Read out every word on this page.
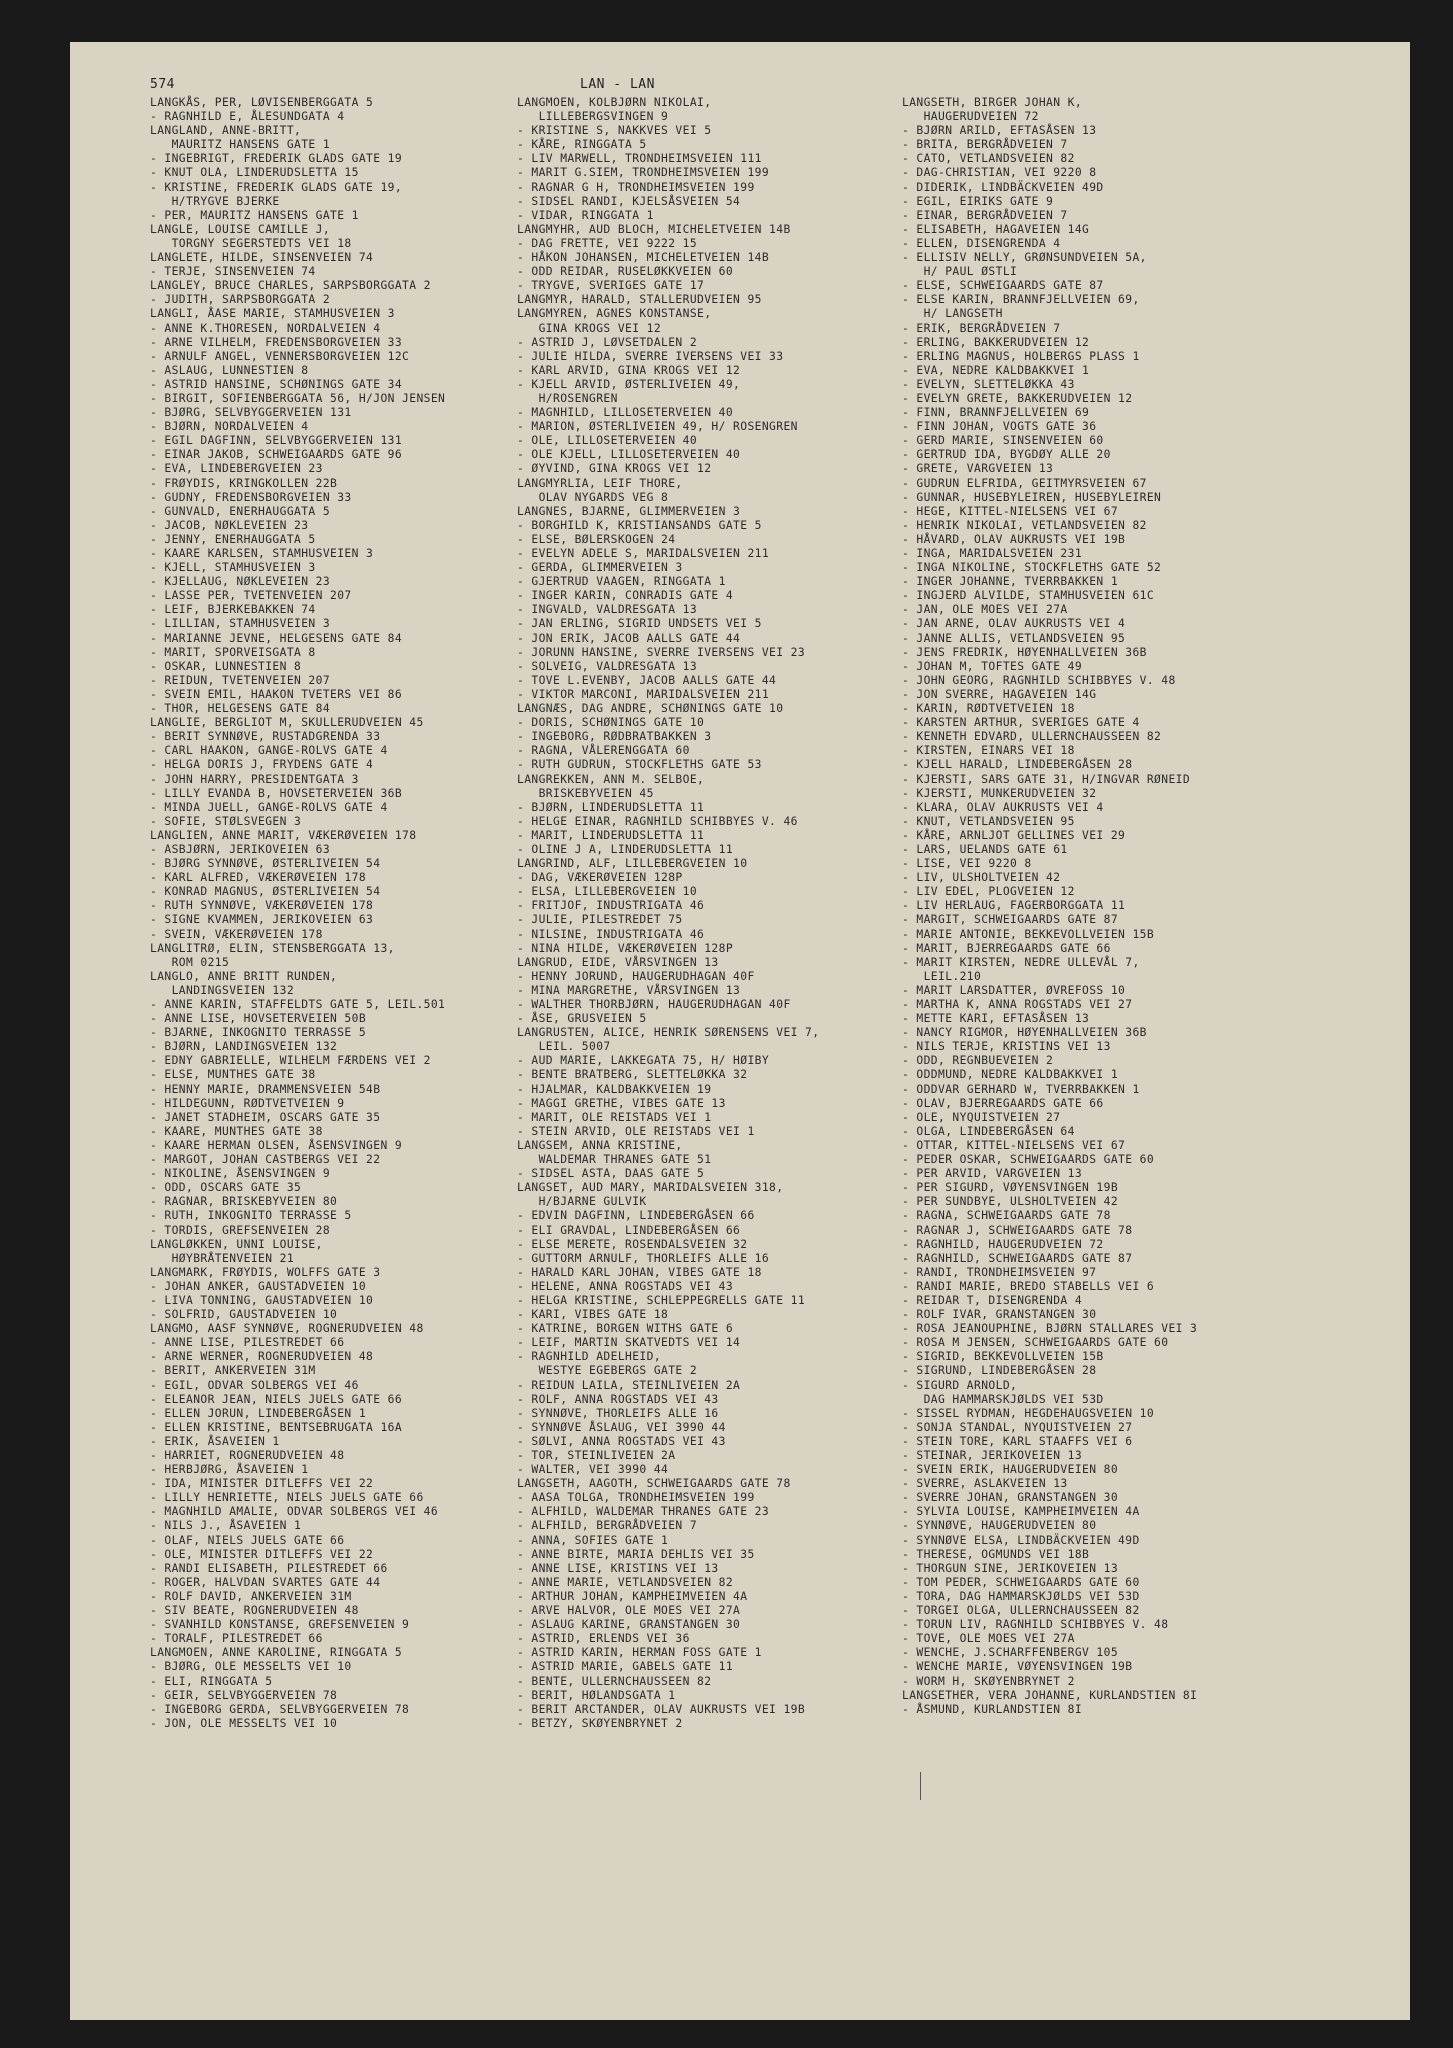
574	LAN - LAN
LANGKÅS, PER, LØVISENBERGGATA 5
- RAGNHILD E, ÅLESUNDGATA 4
LANGLAND, ANNE-BRITT,
MAURITZ HANSENS GATE 1
- INGEBRIGT, FREDERIK GLADS GATE 19
- KNUT OLA, LINDERUDSLETTA 15
- KRISTINE, FREDERIK GLADS GATE 19,
H/TRYGVE BJERKE
- PER, MAURITZ HANSENS GATE 1
LANGLE, LOUISE CAMILLE J,
TORGNY SEGERSTEDTS VEI 18
LANGLETE, HILDE, SINSENVEIEN 74
- TERJE, SINSENVEIEN 74
LANGLEY, BRUCE CHARLES, SARPSBORGGATA 2
- JUDITH, SARPSBORGGATA 2
LANGLI, ÅASE MARIE, STAMHUSVEIEN 3
- ANNE K.THORESEN, NORDALVEIEN 4
- ARNE VILHELM, FREDENSBORGVEIEN 33
- ARNULF ANGEL, VENNERSBORGVEIEN 12C
- ASLAUG, LUNNESTIEN 8
- ASTRID HANSINE, SCHØNINGS GATE 34
- BIRGIT, SOFIENBERGGATA 56, H/JON JENSEN
- BJØRG, SELVBYGGERVEIEN 131
- BJØRN, NORDALVEIEN 4
- EGIL DAGFINN, SELVBYGGERVEIEN 131
- EINAR JAKOB, SCHWEIGAARDS GATE 96
- EVA, LINDEBERGVEIEN 23
- FRØYDIS, KRINGKOLLEN 22B
- GUDNY, FREDENSBORGVEIEN 33
- GUNVALD, ENERHAUGGATA 5
- JACOB, NØKLEVEIEN 23
- JENNY, ENERHAUGGATA 5
- KAARE KARLSEN, STAMHUSVEIEN 3
- KJELL, STAMHUSVEIEN 3
- KJELLAUG, NØKLEVEIEN 23
- LASSE PER, TVETENVEIEN 207
- LEIF, BJERKEBAKKEN 74
- LILLIAN, STAMHUSVEIEN 3
- MARIANNE JEVNE, HELGESENS GATE 84
- MARIT, SPORVEISGATA 8
- OSKAR, LUNNESTIEN 8
- REIDUN, TVETENVEIEN 207
- SVEIN EMIL, HAAKON TVETERS VEI 86
- THOR, HELGESENS GATE 84
LANGLIE, BERGLIOT M, SKULLERUDVEIEN 45
- BERIT SYNNØVE, RUSTADGRENDA 33
- CARL HAAKON, GANGE-ROLVS GATE 4
- HELGA DORIS J, FRYDENS GATE 4
- JOHN HARRY, PRESIDENTGATA 3
- LILLY EVANDA B, HOVSETERVEIEN 36B
- MINDA JUELL, GANGE-ROLVS GATE 4
- SOFIE, STØLSVEGEN 3
LANGLIEN, ANNE MARIT, VÆKERØVEIEN 178
- ASBJØRN, JERIKOVEIEN 63
- BJØRG SYNNØVE, ØSTERLIVEIEN 54
- KARL ALFRED, VÆKERØVEIEN 178
- KONRAD MAGNUS, ØSTERLIVEIEN 54
- RUTH SYNNØVE, VÆKERØVEIEN 178
- SIGNE KVAMMEN, JERIKOVEIEN 63
- SVEIN, VÆKERØVEIEN 178
LANGLITRØ, ELIN, STENSBERGGATA 13,
ROM 0215
LANGLO, ANNE BRITT RUNDEN,
LANDINGSVEIEN 132
- ANNE KARIN, STAFFELDTS GATE 5, LEIL.501
- ANNE LISE, HOVSETERVEIEN 50B
- BJARNE, INKOGNITO TERRASSE 5
- BJØRN, LANDINGSVEIEN 132
- EDNY GABRIELLE, WILHELM FÆRDENS VEI 2
- ELSE, MUNTHES GATE 38
- HENNY MARIE, DRAMMENSVEIEN 54B
- HILDEGUNN, RØDTVETVEIEN 9
- JANET STADHEIM, OSCARS GATE 35
- KAARE, MUNTHES GATE 38
- KAARE HERMAN OLSEN, ÅSENSVINGEN 9
- MARGOT, JOHAN CASTBERGS VEI 22
- NIKOLINE, ÅSENSVINGEN 9
- ODD, OSCARS GATE 35
- RAGNAR, BRISKEBYVEIEN 80
- RUTH, INKOGNITO TERRASSE 5
- TORDIS, GREFSENVEIEN 28
LANGLØKKEN, UNNI LOUISE,
HØYBRÅTENVEIEN 21
LANGMARK, FRØYDIS, WOLFFS GATE 3
- JOHAN ANKER, GAUSTADVEIEN 10
- LIVA TONNING, GAUSTADVEIEN 10
- SOLFRID, GAUSTADVEIEN 10
LANGMO, AASF SYNNØVE, ROGNERUDVEIEN 48
- ANNE LISE, PILESTREDET 66
- ARNE WERNER, ROGNERUDVEIEN 48
- BERIT, ANKERVEIEN 31M
- EGIL, ODVAR SOLBERGS VEI 46
- ELEANOR JEAN, NIELS JUELS GATE 66
- ELLEN JORUN, LINDEBERGÅSEN 1
- ELLEN KRISTINE, BENTSEBRUGATA 16A
- ERIK, ÅSAVEIEN 1
- HARRIET, ROGNERUDVEIEN 48
- HERBJØRG, ÅSAVEIEN 1
- IDA, MINISTER DITLEFFS VEI 22
- LILLY HENRIETTE, NIELS JUELS GATE 66
- MAGNHILD AMALIE, ODVAR SOLBERGS VEI 46
- NILS J., ÅSAVEIEN 1
- OLAF, NIELS JUELS GATE 66
- OLE, MINISTER DITLEFFS VEI 22
- RANDI ELISABETH, PILESTREDET 66
- ROGER, HALVDAN SVARTES GATE 44
- ROLF DAVID, ANKERVEIEN 31M
- SIV BEATE, ROGNERUDVEIEN 48
- SVANHILD KONSTANSE, GREFSENVEIEN 9
- TORALF, PILESTREDET 66
LANGMOEN, ANNE KAROLINE, RINGGATA 5
- BJØRG, OLE MESSELTS VEI 10
- ELI, RINGGATA 5
- GEIR, SELVBYGGERVEIEN 78
- INGEBORG GERDA, SELVBYGGERVEIEN 78
- JON, OLE MESSELTS VEI 10
LANGMOEN, KOLBJØRN NIKOLAI,
LILLEBERGSVINGEN 9
- KRISTINE S, NAKKVES VEI 5
- KÅRE, RINGGATA 5
- LIV MARWELL, TRONDHEIMSVEIEN 111
- MARIT G.SIEM, TRONDHEIMSVEIEN 199
- RAGNAR G H, TRONDHEIMSVEIEN 199
- SIDSEL RANDI, KJELSÅSVEIEN 54
- VIDAR, RINGGATA 1
LANGMYHR, AUD BLOCH, MICHELETVEIEN 14B
- DAG FRETTE, VEI 9222 15
- HÅKON JOHANSEN, MICHELETVEIEN 14B
- ODD REIDAR, RUSELØKKVEIEN 60
- TRYGVE, SVERIGES GATE 17
LANGMYR, HARALD, STALLERUDVEIEN 95
LANGMYREN, AGNES KONSTANSE,
GINA KROGS VEI 12
- ASTRID J, LØVSETDALEN 2
- JULIE HILDA, SVERRE IVERSENS VEI 33
- KARL ARVID, GINA KROGS VEI 12
- KJELL ARVID, ØSTERLIVEIEN 49,
H/ROSENGREN
- MAGNHILD, LILLOSETERVEIEN 40
- MARION, ØSTERLIVEIEN 49, H/ ROSENGREN
- OLE, LILLOSETERVEIEN 40
- OLE KJELL, LILLOSETERVEIEN 40
- ØYVIND, GINA KROGS VEI 12
LANGMYRLIA, LEIF THORE,
OLAV NYGARDS VEG 8
LANGNES, BJARNE, GLIMMERVEIEN 3
- BORGHILD K, KRISTIANSANDS GATE 5
- ELSE, BØLERSKOGEN 24
- EVELYN ADELE S, MARIDALSVEIEN 211
- GERDA, GLIMMERVEIEN 3
- GJERTRUD VAAGEN, RINGGATA 1
- INGER KARIN, CONRADIS GATE 4
- INGVALD, VALDRESGATA 13
- JAN ERLING, SIGRID UNDSETS VEI 5
- JON ERIK, JACOB AALLS GATE 44
- JORUNN HANSINE, SVERRE IVERSENS VEI 23
- SOLVEIG, VALDRESGATA 13
- TOVE L.EVENBY, JACOB AALLS GATE 44
- VIKTOR MARCONI, MARIDALSVEIEN 211
LANGNÆS, DAG ANDRE, SCHØNINGS GATE 10
- DORIS, SCHØNINGS GATE 10
- INGEBORG, RØDBRATBAKKEN 3
- RAGNA, VÅLERENGGATA 60
- RUTH GUDRUN, STOCKFLETHS GATE 53
LANGREKKEN, ANN M. SELBOE,
BRISKEBYVEIEN 45
- BJØRN, LINDERUDSLETTA 11
- HELGE EINAR, RAGNHILD SCHIBBYES V. 46
- MARIT, LINDERUDSLETTA 11
- OLINE J A, LINDERUDSLETTA 11
LANGRIND, ALF, LILLEBERGVEIEN 10
- DAG, VÆKERØVEIEN 128P
- ELSA, LILLEBERGVEIEN 10
- FRITJOF, INDUSTRIGATA 46
- JULIE, PILESTREDET 75
- NILSINE, INDUSTRIGATA 46
- NINA HILDE, VÆKERØVEIEN 128P
LANGRUD, EIDE, VÅRSVINGEN 13
- HENNY JORUND, HAUGERUDHAGAN 40F
- MINA MARGRETHE, VÅRSVINGEN 13
- WALTHER THORBJØRN, HAUGERUDHAGAN 40F
- ÅSE, GRUSVEIEN 5
LANGRUSTEN, ALICE, HENRIK SØRENSENS VEI 7,
LEIL. 5007
- AUD MARIE, LAKKEGATA 75, H/ HØIBY
- BENTE BRATBERG, SLETTELØKKA 32
- HJALMAR, KALDBAKKVEIEN 19
- MAGGI GRETHE, VIBES GATE 13
- MARIT, OLE REISTADS VEI 1
- STEIN ARVID, OLE REISTADS VEI 1
LANGSEM, ANNA KRISTINE,
WALDEMAR THRANES GATE 51
- SIDSEL ASTA, DAAS GATE 5
LANGSET, AUD MARY, MARIDALSVEIEN 318,
H/BJARNE GULVIK
- EDVIN DAGFINN, LINDEBERGÅSEN 66
- ELI GRAVDAL, LINDEBERGÅSEN 66
- ELSE MERETE, ROSENDALSVEIEN 32
- GUTTORM ARNULF, THORLEIFS ALLE 16
- HARALD KARL JOHAN, VIBES GATE 18
- HELENE, ANNA ROGSTADS VEI 43
- HELGA KRISTINE, SCHLEPPEGRELLS GATE 11
- KARI, VIBES GATE 18
- KATRINE, BORGEN WITHS GATE 6
- LEIF, MARTIN SKATVEDTS VEI 14
- RAGNHILD ADELHEID,
WESTYE EGEBERGS GATE 2
- REIDUN LAILA, STEINLIVEIEN 2A
- ROLF, ANNA ROGSTADS VEI 43
- SYNNØVE, THORLEIFS ALLE 16
- SYNNØVE ÅSLAUG, VEI 3990 44
- SØLVI, ANNA ROGSTADS VEI 43
- TOR, STEINLIVEIEN 2A
- WALTER, VEI 3990 44
LANGSETH, AAGOTH, SCHWEIGAARDS GATE 78
- AASA TOLGA, TRONDHEIMSVEIEN 199
- ALFHILD, WALDEMAR THRANES GATE 23
- ALFHILD, BERGRÅDVEIEN 7
- ANNA, SOFIES GATE 1
- ANNE BIRTE, MARIA DEHLIS VEI 35
- ANNE LISE, KRISTINS VEI 13
- ANNE MARIE, VETLANDSVEIEN 82
- ARTHUR JOHAN, KAMPHEIMVEIEN 4A
- ARVE HALVOR, OLE MOES VEI 27A
- ASLAUG KARINE, GRANSTANGEN 30
- ASTRID, ERLENDS VEI 36
- ASTRID KARIN, HERMAN FOSS GATE 1
- ASTRID MARIE, GABELS GATE 11
- BENTE, ULLERNCHAUSSEEN 82
- BERIT, HØLANDSGATA 1
- BERIT ARCTANDER, OLAV AUKRUSTS VEI 19B
- BETZY, SKØYENBRYNET 2
LANGSETH, BIRGER JOHAN K,
HAUGERUDVEIEN 72
- BJØRN ARILD, EFTASÅSEN 13
- BRITA, BERGRÅDVEIEN 7
- CATO, VETLANDSVEIEN 82
- DAG-CHRISTIAN, VEI 9220 8
- DIDERIK, LINDBÄCKVEIEN 49D
- EGIL, EIRIKS GATE 9
- EINAR, BERGRÅDVEIEN 7
- ELISABETH, HAGAVEIEN 14G
- ELLEN, DISENGRENDA 4
- ELLISIV NELLY, GRØNSUNDVEIEN 5A,
H/ PAUL ØSTLI
- ELSE, SCHWEIGAARDS GATE 87
- ELSE KARIN, BRANNFJELLVEIEN 69,
H/ LANGSETH
- ERIK, BERGRÅDVEIEN 7
- ERLING, BAKKERUDVEIEN 12
- ERLING MAGNUS, HOLBERGS PLASS 1
- EVA, NEDRE KALDBAKKVEI 1
- EVELYN, SLETTELØKKA 43
- EVELYN GRETE, BAKKERUDVEIEN 12
- FINN, BRANNFJELLVEIEN 69
- FINN JOHAN, VOGTS GATE 36
- GERD MARIE, SINSENVEIEN 60
- GERTRUD IDA, BYGDØY ALLE 20
- GRETE, VARGVEIEN 13
- GUDRUN ELFRIDA, GEITMYRSVEIEN 67
- GUNNAR, HUSEBYLEIREN, HUSEBYLEIREN
- HEGE, KITTEL-NIELSENS VEI 67
- HENRIK NIKOLAI, VETLANDSVEIEN 82
- HÅVARD, OLAV AUKRUSTS VEI 19B
- INGA, MARIDALSVEIEN 231
- INGA NIKOLINE, STOCKFLETHS GATE 52
- INGER JOHANNE, TVERRBAKKEN 1
- INGJERD ALVILDE, STAMHUSVEIEN 61C
- JAN, OLE MOES VEI 27A
- JAN ARNE, OLAV AUKRUSTS VEI 4
- JANNE ALLIS, VETLANDSVEIEN 95
- JENS FREDRIK, HØYENHALLVEIEN 36B
- JOHAN M, TOFTES GATE 49
- JOHN GEORG, RAGNHILD SCHIBBYES V. 48
- JON SVERRE, HAGAVEIEN 14G
- KARIN, RØDTVETVEIEN 18
- KARSTEN ARTHUR, SVERIGES GATE 4
- KENNETH EDVARD, ULLERNCHAUSSEEN 82
- KIRSTEN, EINARS VEI 18
- KJELL HARALD, LINDEBERGÅSEN 28
- KJERSTI, SARS GATE 31, H/INGVAR RØNEID
- KJERSTI, MUNKERUDVEIEN 32
- KLARA, OLAV AUKRUSTS VEI 4
- KNUT, VETLANDSVEIEN 95
- KÅRE, ARNLJOT GELLINES VEI 29
- LARS, UELANDS GATE 61
- LISE, VEI 9220 8
- LIV, ULSHOLTVEIEN 42
- LIV EDEL, PLOGVEIEN 12
- LIV HERLAUG, FAGERBORGGATA 11
- MARGIT, SCHWEIGAARDS GATE 87
- MARIE ANTONIE, BEKKEVOLLVEIEN 15B
- MARIT, BJERREGAARDS GATE 66
- MARIT KIRSTEN, NEDRE ULLEVÅL 7,
LEIL.210
- MARIT LARSDATTER, ØVREFOSS 10
- MARTHA K, ANNA ROGSTADS VEI 27
- METTE KARI, EFTASÅSEN 13
- NANCY RIGMOR, HØYENHALLVEIEN 36B
- NILS TERJE, KRISTINS VEI 13
- ODD, REGNBUEVEIEN 2
- ODDMUND, NEDRE KALDBAKKVEI 1
- ODDVAR GERHARD W, TVERRBAKKEN 1
- OLAV, BJERREGAARDS GATE 66
- OLE, NYQUISTVEIEN 27
- OLGA, LINDEBERGÅSEN 64
- OTTAR, KITTEL-NIELSENS VEI 67
- PEDER OSKAR, SCHWEIGAARDS GATE 60
- PER ARVID, VARGVEIEN 13
- PER SIGURD, VØYENSVINGEN 19B
- PER SUNDBYE, ULSHOLTVEIEN 42
- RAGNA, SCHWEIGAARDS GATE 78
- RAGNAR J, SCHWEIGAARDS GATE 78
- RAGNHILD, HAUGERUDVEIEN 72
- RAGNHILD, SCHWEIGAARDS GATE 87
- RANDI, TRONDHEIMSVEIEN 97
- RANDI MARIE, BREDO STABELLS VEI 6
- REIDAR T, DISENGRENDA 4
- ROLF IVAR, GRANSTANGEN 30
- ROSA JEANOUPHINE, BJØRN STALLARES VEI 3
- ROSA M JENSEN, SCHWEIGAARDS GATE 60
- SIGRID, BEKKEVOLLVEIEN 15B
- SIGRUND, LINDEBERGÅSEN 28
- SIGURD ARNOLD,
DAG HAMMARSKJØLDS VEI 53D
- SISSEL RYDMAN, HEGDEHAUGSVEIEN 10
- SONJA STANDAL, NYQUISTVEIEN 27
- STEIN TORE, KARL STAAFFS VEI 6
- STEINAR, JERIKOVEIEN 13
- SVEIN ERIK, HAUGERUDVEIEN 80
- SVERRE, ASLAKVEIEN 13
- SVERRE JOHAN, GRANSTANGEN 30
- SYLVIA LOUISE, KAMPHEIMVEIEN 4A
- SYNNØVE, HAUGERUDVEIEN 80
- SYNNØVE ELSA, LINDBÄCKVEIEN 49D
- THERESE, OGMUNDS VEI 18B
- THORGUN SINE, JERIKOVEIEN 13
- TOM PEDER, SCHWEIGAARDS GATE 60
- TORA, DAG HAMMARSKJØLDS VEI 53D
- TORGEI OLGA, ULLERNCHAUSSEEN 82
- TORUN LIV, RAGNHILD SCHIBBYES V. 48
- TOVE, OLE MOES VEI 27A
- WENCHE, J.SCHARFFENBERGV 105
- WENCHE MARIE, VØYENSVINGEN 19B
- WORM H, SKØYENBRYNET 2
LANGSETHER, VERA JOHANNE, KURLANDSTIEN 8I
- ÅSMUND, KURLANDSTIEN 8I
